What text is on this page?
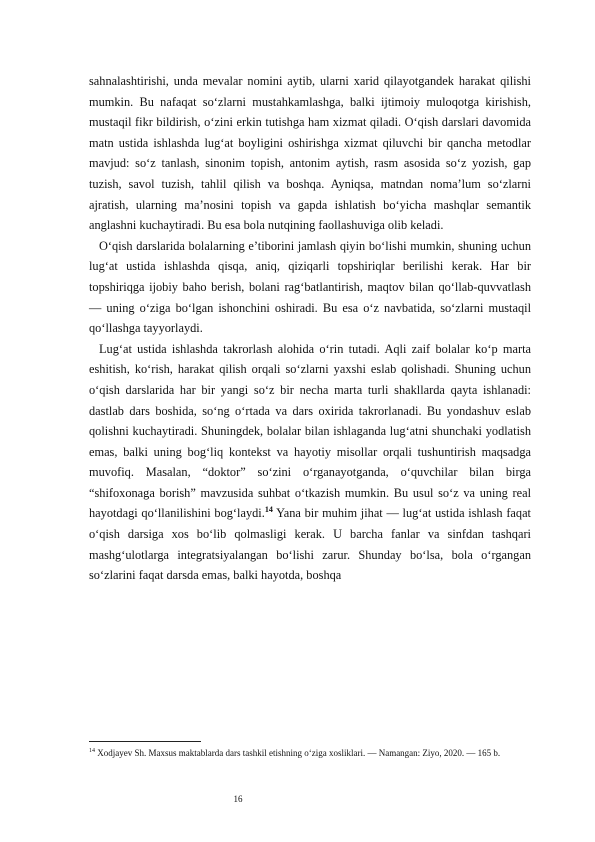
sahnalashtirishi, unda mevalar nomini aytib, ularni xarid qilayotgandek harakat qilishi mumkin. Bu nafaqat so‘zlarni mustahkamlashga, balki ijtimoiy muloqotga kirishish, mustaqil fikr bildirish, o‘zini erkin tutishga ham xizmat qiladi. O‘qish darslari davomida matn ustida ishlashda lug‘at boyligini oshirishga xizmat qiluvchi bir qancha metodlar mavjud: so‘z tanlash, sinonim topish, antonim aytish, rasm asosida so‘z yozish, gap tuzish, savol tuzish, tahlil qilish va boshqa. Ayniqsa, matndan noma’lum so‘zlarni ajratish, ularning ma’nosini topish va gapda ishlatish bo‘yicha mashqlar semantik anglashni kuchaytiradi. Bu esa bola nutqining faollashuviga olib keladi.

O‘qish darslarida bolalarning e’tiborini jamlash qiyin bo‘lishi mumkin, shuning uchun lug‘at ustida ishlashda qisqa, aniq, qiziqarli topshiriqlar berilishi kerak. Har bir topshiriqga ijobiy baho berish, bolani rag‘batlantirish, maqtov bilan qo‘llab-quvvatlash — uning o‘ziga bo‘lgan ishonchini oshiradi. Bu esa o‘z navbatida, so‘zlarni mustaqil qo‘llashga tayyorlaydi.

Lug‘at ustida ishlashda takrorlash alohida o‘rin tutadi. Aqli zaif bolalar ko‘p marta eshitish, ko‘rish, harakat qilish orqali so‘zlarni yaxshi eslab qolishadi. Shuning uchun o‘qish darslarida har bir yangi so‘z bir necha marta turli shakllarda qayta ishlanadi: dastlab dars boshida, so‘ng o‘rtada va dars oxirida takrorlanadi. Bu yondashuv eslab qolishni kuchaytiradi. Shuningdek, bolalar bilan ishlaganda lug‘atni shunchaki yodlatish emas, balki uning bog‘liq kontekst va hayotiy misollar orqali tushuntirish maqsadga muvofiq. Masalan, “doktor” so‘zini o‘rganayotganda, o‘quvchilar bilan birga “shifoxonaga borish” mavzusida suhbat o‘tkazish mumkin. Bu usul so‘z va uning real hayotdagi qo‘llanilishini bog‘laydi.$^{14}$ Yana bir muhim jihat — lug‘at ustida ishlash faqat o‘qish darsiga xos bo‘lib qolmasligi kerak. U barcha fanlar va sinfdan tashqari mashg‘ulotlarga integratsiyalangan bo‘lishi zarur. Shunday bo‘lsa, bola o‘rgangan so‘zlarini faqat darsda emas, balki hayotda, boshqa

$^{14}$ Xodjayev Sh. Maxsus maktablarda dars tashkil etishning o‘ziga xosliklari. — Namangan: Ziyo, 2020. — 165 b.
16
